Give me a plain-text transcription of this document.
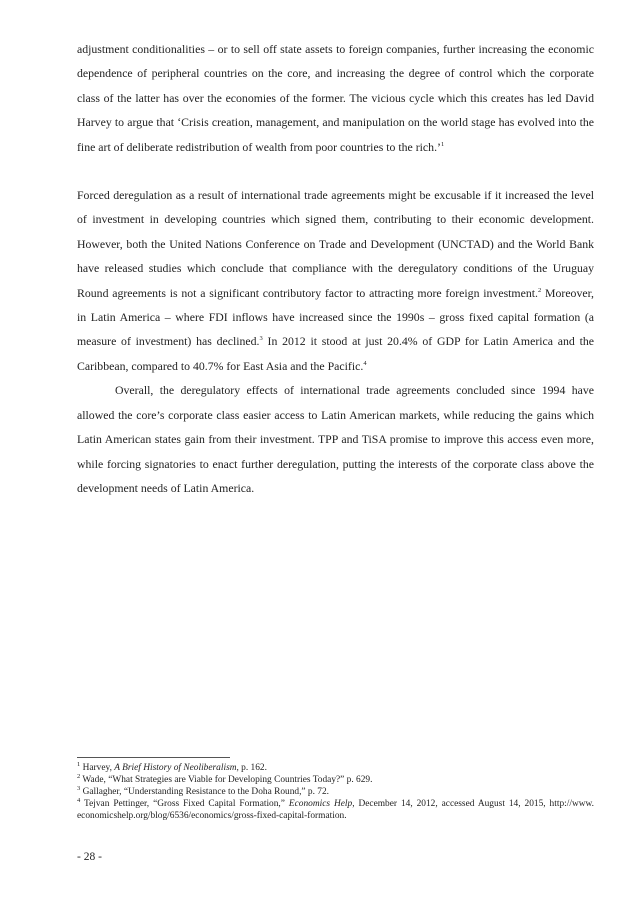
adjustment conditionalities – or to sell off state assets to foreign companies, further increasing the economic dependence of peripheral countries on the core, and increasing the degree of control which the corporate class of the latter has over the economies of the former. The vicious cycle which this creates has led David Harvey to argue that ‘Crisis creation, management, and manipulation on the world stage has evolved into the fine art of deliberate redistribution of wealth from poor countries to the rich.’$^1$

Forced deregulation as a result of international trade agreements might be excusable if it increased the level of investment in developing countries which signed them, contributing to their economic development. However, both the United Nations Conference on Trade and Development (UNCTAD) and the World Bank have released studies which conclude that compliance with the deregulatory conditions of the Uruguay Round agreements is not a significant contributory factor to attracting more foreign investment.$^2$ Moreover, in Latin America – where FDI inflows have increased since the 1990s – gross fixed capital formation (a measure of investment) has declined.$^3$ In 2012 it stood at just 20.4% of GDP for Latin America and the Caribbean, compared to 40.7% for East Asia and the Pacific.$^4$

Overall, the deregulatory effects of international trade agreements concluded since 1994 have allowed the core’s corporate class easier access to Latin American markets, while reducing the gains which Latin American states gain from their investment. TPP and TiSA promise to improve this access even more, while forcing signatories to enact further deregulation, putting the interests of the corporate class above the development needs of Latin America.

$^1$ Harvey, A Brief History of Neoliberalism, p. 162.

$^2$ Wade, “What Strategies are Viable for Developing Countries Today?” p. 629.

$^3$ Gallagher, “Understanding Resistance to the Doha Round,” p. 72.

$^4$ Tejvan Pettinger, “Gross Fixed Capital Formation,” Economics Help, December 14, 2012, accessed August 14, 2015, http://www. economicshelp.org/blog/6536/economics/gross-fixed-capital-formation.

- 28 -
